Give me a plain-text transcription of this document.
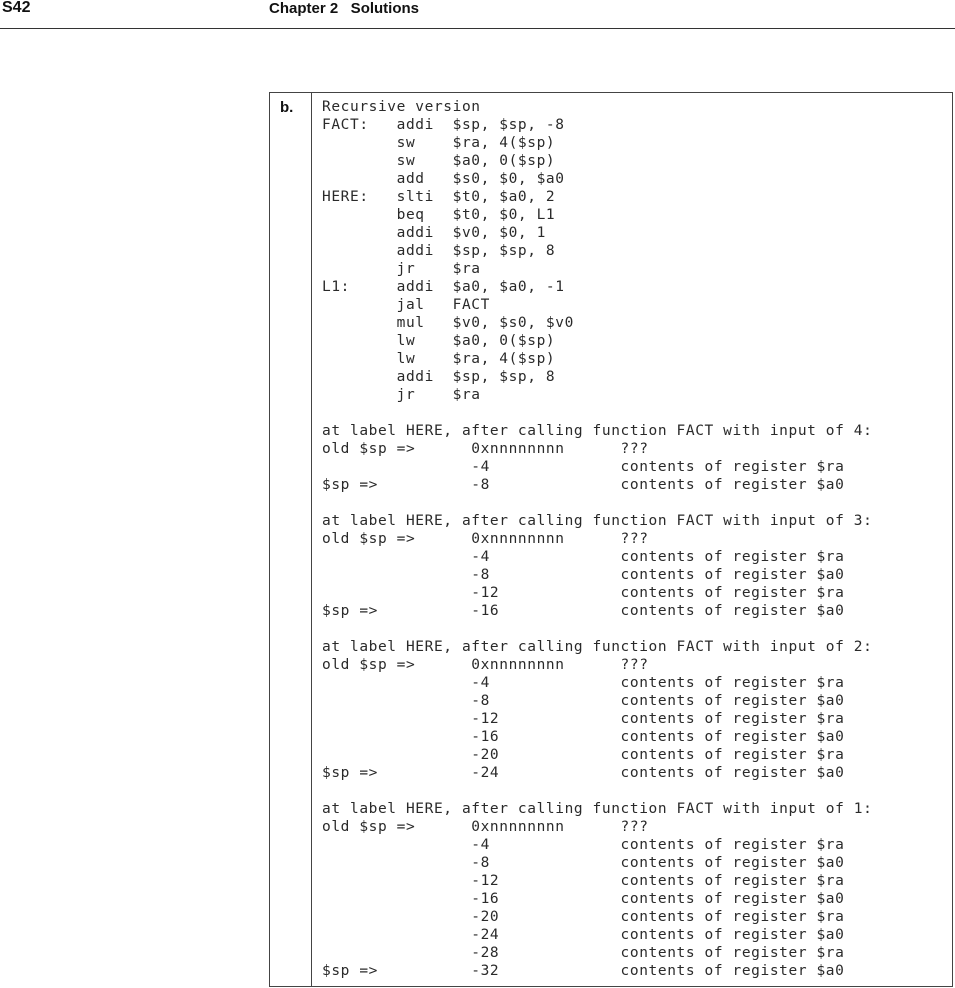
S42	Chapter 2   Solutions
b. Recursive version
FACT:   addi  $sp, $sp, -8
sw    $ra, 4($sp)
sw    $a0, 0($sp)
add   $s0, $0, $a0
HERE:   slti  $t0, $a0, 2
beq   $t0, $0, L1
addi  $v0, $0, 1
addi  $sp, $sp, 8
jr    $ra
L1:     addi  $a0, $a0, -1
jal   FACT
mul   $v0, $s0, $v0
lw    $a0, 0($sp)
lw    $ra, 4($sp)
addi  $sp, $sp, 8
jr    $ra
at label HERE, after calling function FACT with input of 4:
old $sp =>      0xnnnnnnnn      ???
-4              contents of register $ra
$sp =>          -8              contents of register $a0
at label HERE, after calling function FACT with input of 3:
old $sp =>      0xnnnnnnnn      ???
-4              contents of register $ra
-8              contents of register $a0
-12             contents of register $ra
$sp =>          -16             contents of register $a0
at label HERE, after calling function FACT with input of 2:
old $sp =>      0xnnnnnnnn      ???
-4              contents of register $ra
-8              contents of register $a0
-12             contents of register $ra
-16             contents of register $a0
-20             contents of register $ra
$sp =>          -24             contents of register $a0
at label HERE, after calling function FACT with input of 1:
old $sp =>      0xnnnnnnnn      ???
-4              contents of register $ra
-8              contents of register $a0
-12             contents of register $ra
-16             contents of register $a0
-20             contents of register $ra
-24             contents of register $a0
-28             contents of register $ra
$sp =>          -32             contents of register $a0
